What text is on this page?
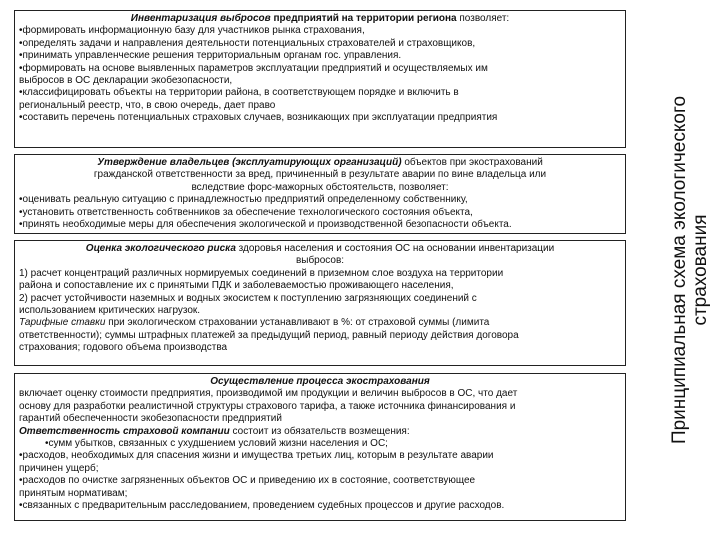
Инвентаризация выбросов предприятий на территории региона позволяет:
•формировать информационную базу для участников рынка страхования,
•определять задачи и направления деятельности потенциальных страхователей и страховщиков,
•принимать управленческие решения территориальным органам гос. управления.
•формировать на основе выявленных параметров эксплуатации предприятий и осуществляемых им
выбросов в ОС декларации экобезопасности,
•классифицировать объекты на территории района, в соответствующем порядке и включить в
региональный реестр, что, в свою очередь, дает право
•составить перечень потенциальных страховых случаев, возникающих при эксплуатации предприятия
Утверждение владельцев (эксплуатирующих организаций) объектов при экострахований
гражданской ответственности за вред, причиненный в результате аварии по вине владельца или
вследствие форс-мажорных обстоятельств, позволяет:
•оценивать реальную ситуацию с принадлежностью предприятий определенному собственнику,
•установить ответственность собтвенников за обеспечение технологического состояния объекта,
•принять необходимые меры для обеспечения экологической и производственной безопасности объекта.
Оценка экологического риска здоровья населения и состояния ОС на основании инвентаризации
выбросов:
1) расчет концентраций различных нормируемых соединений в приземном слое воздуха на территории
района и сопоставление их с принятыми ПДК и заболеваемостью проживающего населения,
2) расчет устойчивости наземных и водных экосистем к поступлению загрязняющих соединений с
использованием критических нагрузок.
Тарифные ставки при экологическом страховании устанавливают в %: от страховой суммы (лимита
ответственности); суммы штрафных платежей за предыдущий период, равный периоду действия договора
страхования; годового объема производства
Осуществление процесса экострахования
включает оценку стоимости предприятия, производимой им продукции и величин выбросов в ОС, что дает
основу для разработки реалистичной структуры страхового тарифа, а также источника финансирования и
гарантий обеспеченности экобезопасности предприятий
Ответственность страховой компании состоит из обязательств возмещения:
•сумм убытков, связанных с ухудшением условий жизни населения и ОС;
•расходов, необходимых для спасения жизни и имущества третьих лиц, которым в результате аварии
причинен ущерб;
•расходов по очистке загрязненных объектов ОС и приведению их в состояние, соответствующее
принятым нормативам;
•связанных с предварительным расследованием, проведением судебных процессов и другие расходов.
Принципиальная схема экологического страхования
